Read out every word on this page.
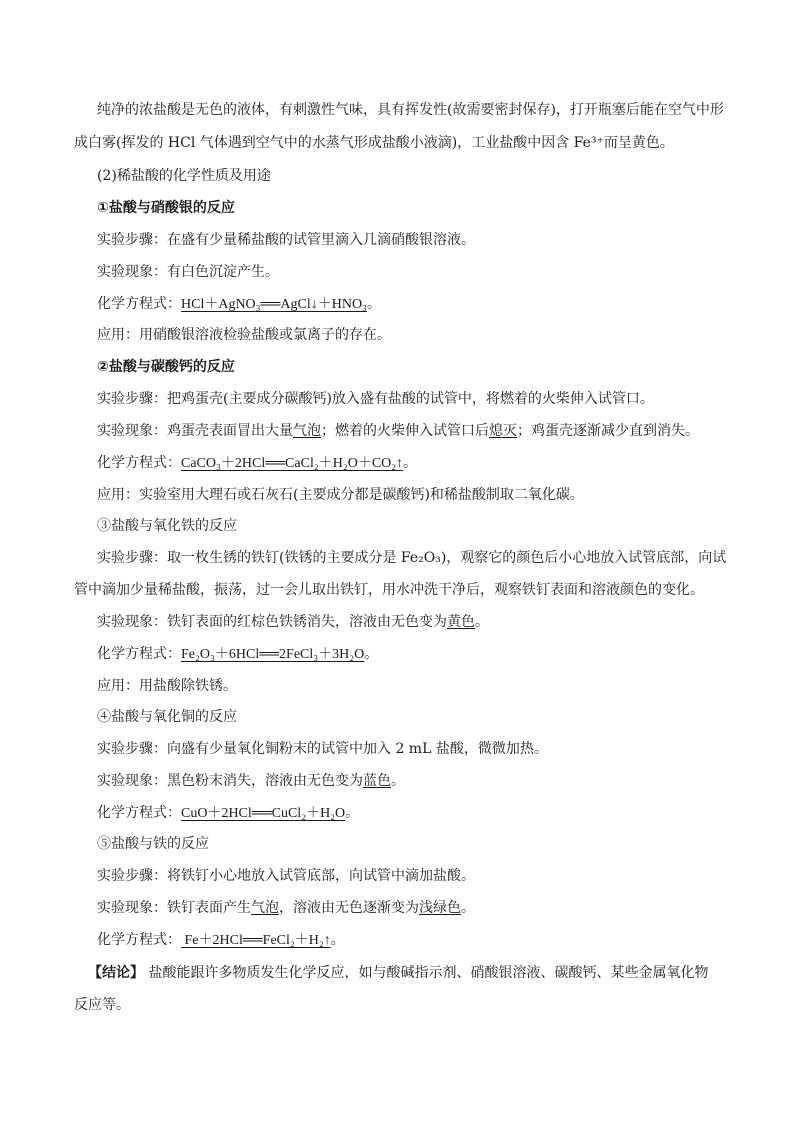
纯净的浓盐酸是无色的液体，有刺激性气味，具有挥发性(故需要密封保存)，打开瓶塞后能在空气中形
成白雾(挥发的 HCl 气体遇到空气中的水蒸气形成盐酸小液滴)，工业盐酸中因含 Fe³⁺而呈黄色。
(2)稀盐酸的化学性质及用途
①盐酸与硝酸银的反应
实验步骤：在盛有少量稀盐酸的试管里滴入几滴硝酸银溶液。
实验现象：有白色沉淀产生。
化学方程式：HCl＋AgNO₃══AgCl↓＋HNO₃。
应用：用硝酸银溶液检验盐酸或氯离子的存在。
②盐酸与碳酸钙的反应
实验步骤：把鸡蛋壳(主要成分碳酸钙)放入盛有盐酸的试管中，将燃着的火柴伸入试管口。
实验现象：鸡蛋壳表面冒出大量气泡；燃着的火柴伸入试管口后熄灭；鸡蛋壳逐渐减少直到消失。
化学方程式：CaCO₃＋2HCl══CaCl₂＋H₂O＋CO₂↑。
应用：实验室用大理石或石灰石(主要成分都是碳酸钙)和稀盐酸制取二氧化碳。
③盐酸与氧化铁的反应
实验步骤：取一枚生锈的铁钉(铁锈的主要成分是 Fe₂O₃)，观察它的颜色后小心地放入试管底部，向试
管中滴加少量稀盐酸，振荡，过一会儿取出铁钉，用水冲洗干净后，观察铁钉表面和溶液颜色的变化。
实验现象：铁钉表面的红棕色铁锈消失，溶液由无色变为黄色。
化学方程式：Fe₂O₃＋6HCl══2FeCl₃＋3H₂O。
应用：用盐酸除铁锈。
④盐酸与氧化铜的反应
实验步骤：向盛有少量氧化铜粉末的试管中加入 2 mL 盐酸，微微加热。
实验现象：黑色粉末消失，溶液由无色变为蓝色。
化学方程式：CuO＋2HCl══CuCl₂＋H₂O。
⑤盐酸与铁的反应
实验步骤：将铁钉小心地放入试管底部，向试管中滴加盐酸。
实验现象：铁钉表面产生气泡，溶液由无色逐渐变为浅绿色。
化学方程式： Fe＋2HCl══FeCl₂＋H₂↑。
【结论】 盐酸能跟许多物质发生化学反应，如与酸碱指示剂、硝酸银溶液、碳酸钙、某些金属氧化物
反应等。
